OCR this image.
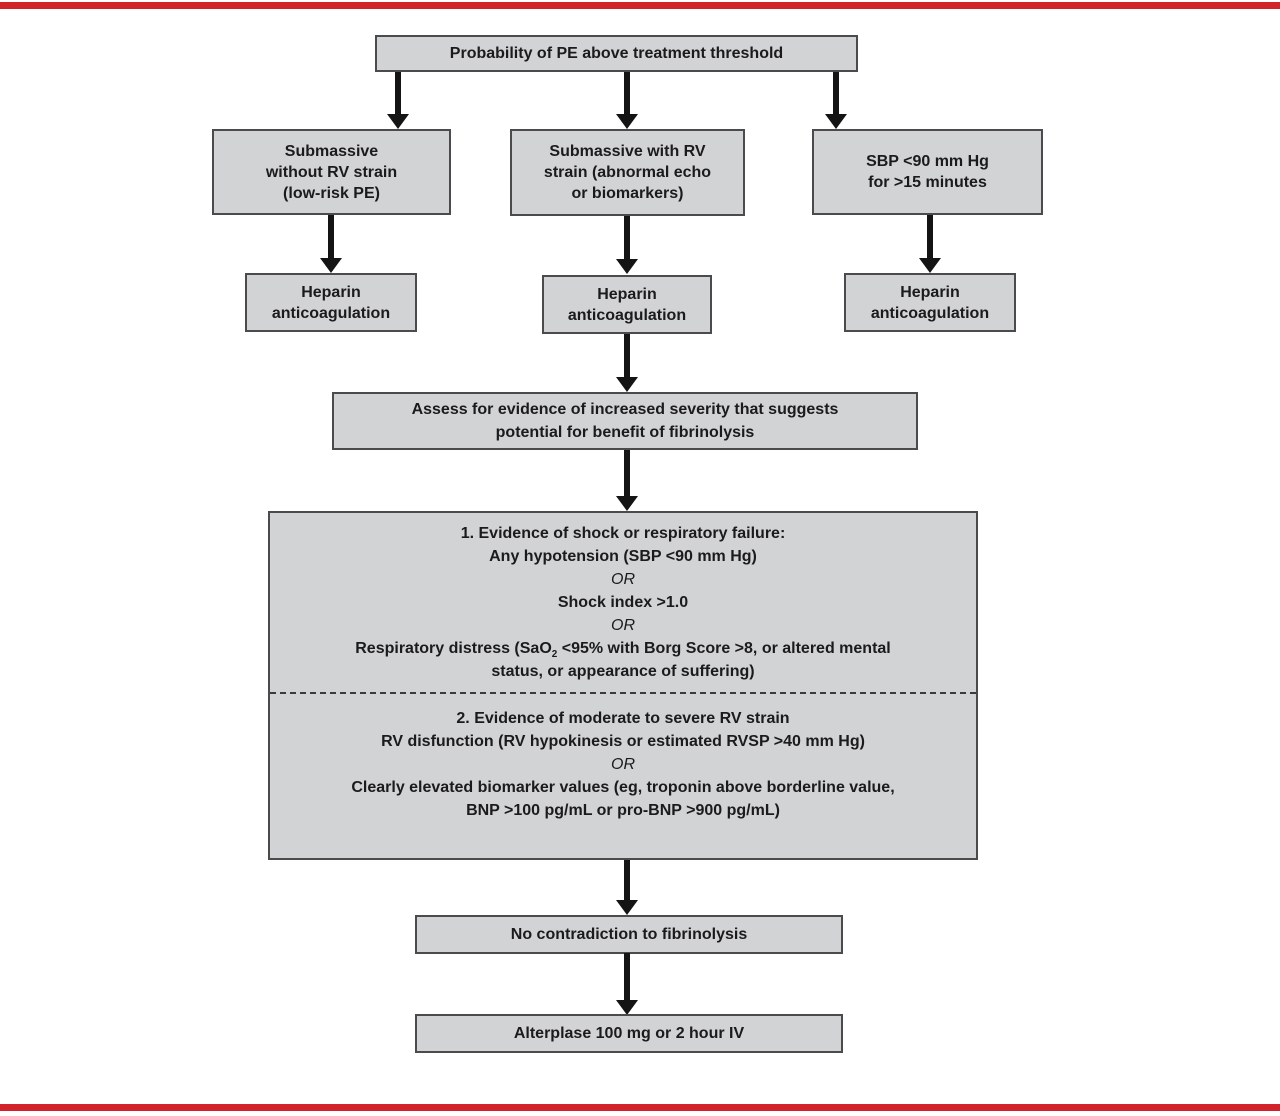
Probability of PE above treatment threshold
Submassive
without RV strain
(low-risk PE)
Submassive with RV
strain (abnormal echo
or biomarkers)
SBP <90 mm Hg
for >15 minutes
Heparin
anticoagulation
Heparin
anticoagulation
Heparin
anticoagulation
Assess for evidence of increased severity that suggests
potential for benefit of fibrinolysis
1. Evidence of shock or respiratory failure:
Any hypotension (SBP <90 mm Hg)
OR
Shock index >1.0
OR
Respiratory distress (SaO$_2$ <95% with Borg Score >8, or altered mental
status, or appearance of suffering)
2. Evidence of moderate to severe RV strain
RV disfunction (RV hypokinesis or estimated RVSP >40 mm Hg)
OR
Clearly elevated biomarker values (eg, troponin above borderline value,
BNP >100 pg/mL or pro-BNP >900 pg/mL)
No contradiction to fibrinolysis
Alterplase 100 mg or 2 hour IV
